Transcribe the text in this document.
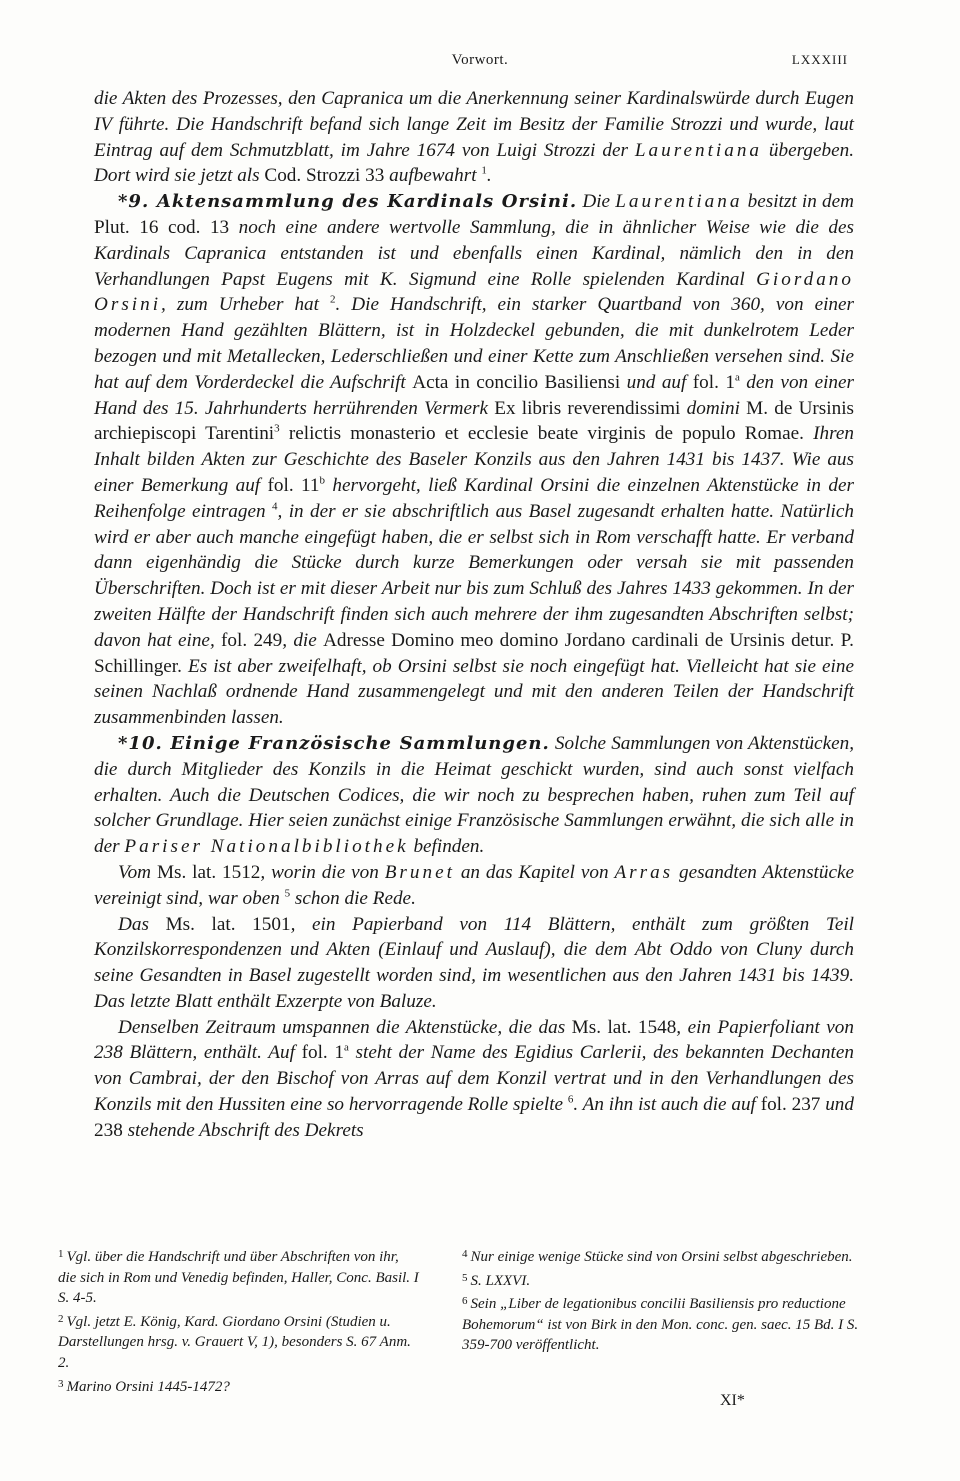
Vorwort.	LXXXIII

die Akten des Prozesses, den Capranica um die Anerkennung seiner Kardinalswürde durch Eugen IV führte. Die Handschrift befand sich lange Zeit im Besitz der Familie Strozzi und wurde, laut Eintrag auf dem Schmutzblatt, im Jahre 1674 von Luigi Strozzi der Laurentiana übergeben. Dort wird sie jetzt als Cod. Strozzi 33 aufbewahrt $^1$.

*9. Aktensammlung des Kardinals Orsini. Die Laurentiana besitzt in dem Plut. 16 cod. 13 noch eine andere wertvolle Sammlung, die in ähnlicher Weise wie die des Kardinals Capranica entstanden ist und ebenfalls einen Kardinal, nämlich den in den Verhandlungen Papst Eugens mit K. Sigmund eine Rolle spielenden Kardinal Giordano Orsini, zum Urheber hat $^2$. Die Handschrift, ein starker Quartband von 360, von einer modernen Hand gezählten Blättern, ist in Holzdeckel gebunden, die mit dunkelrotem Leder bezogen und mit Metallecken, Lederschließen und einer Kette zum Anschließen versehen sind. Sie hat auf dem Vorderdeckel die Aufschrift Acta in concilio Basiliensi und auf fol. 1$^a$ den von einer Hand des 15. Jahrhunderts herrührenden Vermerk Ex libris reverendissimi domini M. de Ursinis archiepiscopi Tarentini$^3$ relictis monasterio et ecclesie beate virginis de populo Romae. Ihren Inhalt bilden Akten zur Geschichte des Baseler Konzils aus den Jahren 1431 bis 1437. Wie aus einer Bemerkung auf fol. 11$^b$ hervorgeht, ließ Kardinal Orsini die einzelnen Aktenstücke in der Reihenfolge eintragen $^4$, in der er sie abschriftlich aus Basel zugesandt erhalten hatte. Natürlich wird er aber auch manche eingefügt haben, die er selbst sich in Rom verschafft hatte. Er verband dann eigenhändig die Stücke durch kurze Bemerkungen oder versah sie mit passenden Überschriften. Doch ist er mit dieser Arbeit nur bis zum Schluß des Jahres 1433 gekommen. In der zweiten Hälfte der Handschrift finden sich auch mehrere der ihm zugesandten Abschriften selbst; davon hat eine, fol. 249, die Adresse Domino meo domino Jordano cardinali de Ursinis detur. P. Schillinger. Es ist aber zweifelhaft, ob Orsini selbst sie noch eingefügt hat. Vielleicht hat sie eine seinen Nachlaß ordnende Hand zusammengelegt und mit den anderen Teilen der Handschrift zusammenbinden lassen.

*10. Einige Französische Sammlungen. Solche Sammlungen von Aktenstücken, die durch Mitglieder des Konzils in die Heimat geschickt wurden, sind auch sonst vielfach erhalten. Auch die Deutschen Codices, die wir noch zu besprechen haben, ruhen zum Teil auf solcher Grundlage. Hier seien zunächst einige Französische Sammlungen erwähnt, die sich alle in der Pariser Nationalbibliothek befinden.

Vom Ms. lat. 1512, worin die von Brunet an das Kapitel von Arras gesandten Aktenstücke vereinigt sind, war oben $^5$ schon die Rede.

Das Ms. lat. 1501, ein Papierband von 114 Blättern, enthält zum größten Teil Konzilskorrespondenzen und Akten (Einlauf und Auslauf), die dem Abt Oddo von Cluny durch seine Gesandten in Basel zugestellt worden sind, im wesentlichen aus den Jahren 1431 bis 1439. Das letzte Blatt enthält Exzerpte von Baluze.

Denselben Zeitraum umspannen die Aktenstücke, die das Ms. lat. 1548, ein Papierfoliant von 238 Blättern, enthält. Auf fol. 1$^a$ steht der Name des Egidius Carlerii, des bekannten Dechanten von Cambrai, der den Bischof von Arras auf dem Konzil vertrat und in den Verhandlungen des Konzils mit den Hussiten eine so hervorragende Rolle spielte $^6$. An ihn ist auch die auf fol. 237 und 238 stehende Abschrift des Dekrets

$^1$ Vgl. über die Handschrift und über Abschriften von ihr, die sich in Rom und Venedig befinden, Haller, Conc. Basil. I S. 4-5.

$^2$ Vgl. jetzt E. König, Kard. Giordano Orsini (Studien u. Darstellungen hrsg. v. Grauert V, 1), besonders S. 67 Anm. 2.

$^3$ Marino Orsini 1445-1472?

$^4$ Nur einige wenige Stücke sind von Orsini selbst abgeschrieben.

$^5$ S. LXXVI.

$^6$ Sein „Liber de legationibus concilii Basiliensis pro reductione Bohemorum“ ist von Birk in den Mon. conc. gen. saec. 15 Bd. I S. 359-700 veröffentlicht.

XI*
